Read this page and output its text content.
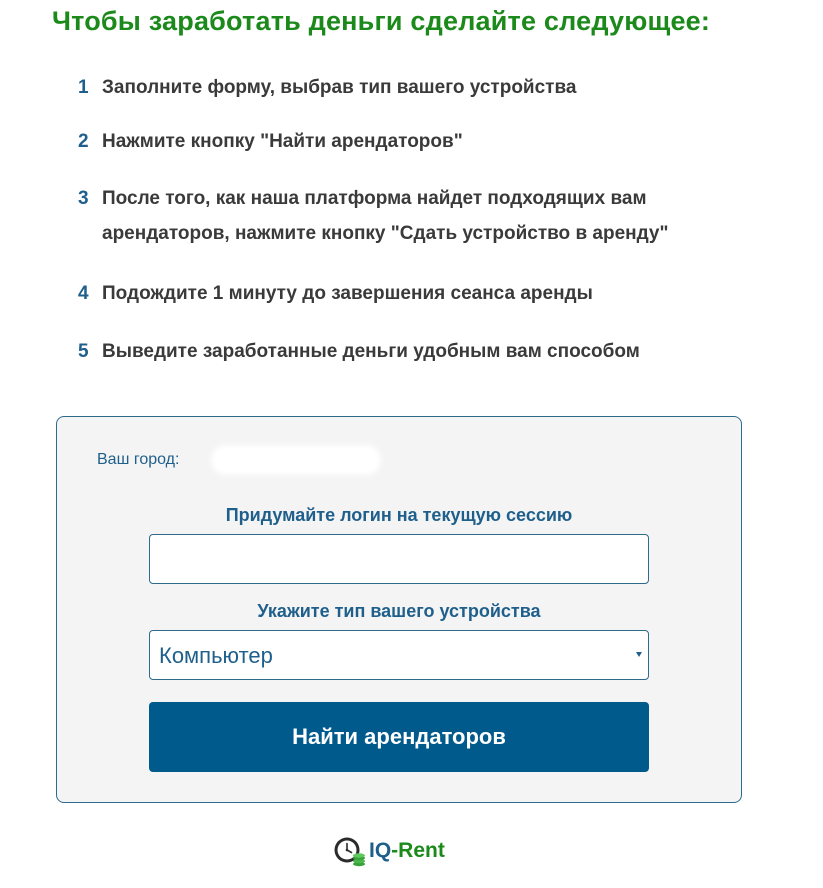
Чтобы заработать деньги сделайте следующее:
1 Заполните форму, выбрав тип вашего устройства
2 Нажмите кнопку "Найти арендаторов"
3 После того, как наша платформа найдет подходящих вам
арендаторов, нажмите кнопку "Сдать устройство в аренду"
4 Подождите 1 минуту до завершения сеанса аренды
5 Выведите заработанные деньги удобным вам способом
Ваш город:
Придумайте логин на текущую сессию
Укажите тип вашего устройства
Компьютер
Найти арендаторов
IQ-Rent
